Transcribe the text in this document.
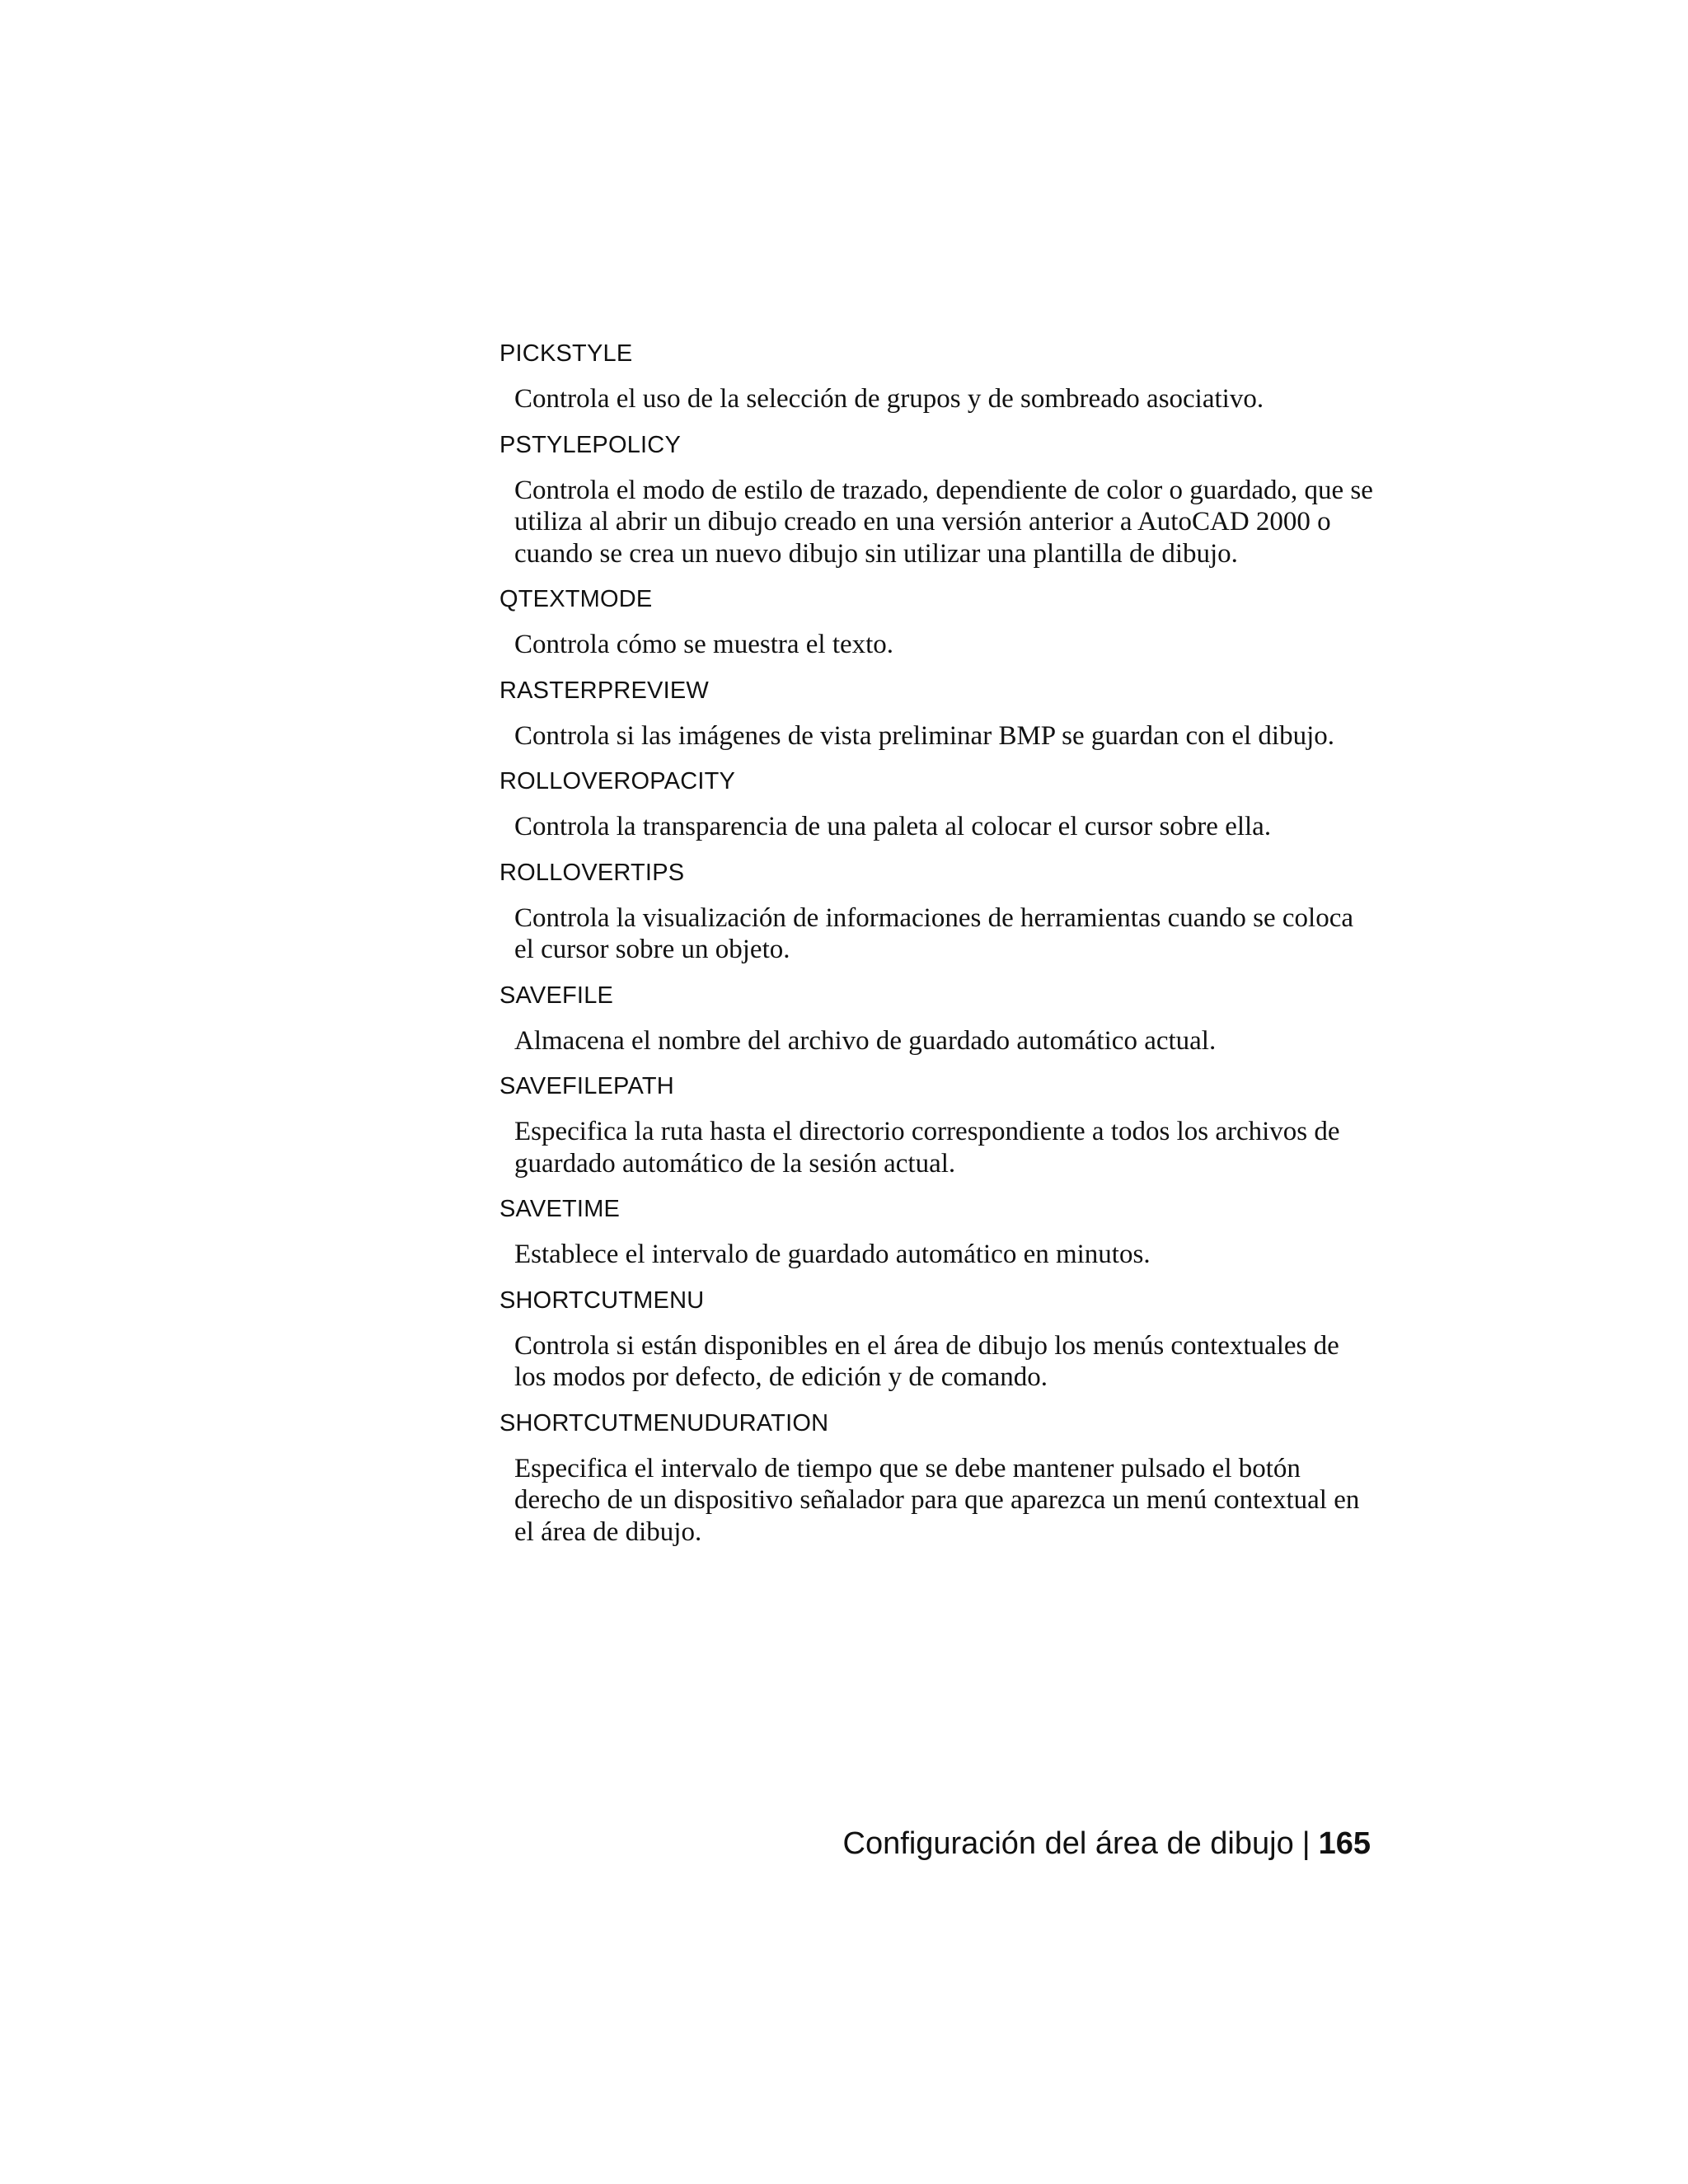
PICKSTYLE

Controla el uso de la selección de grupos y de sombreado asociativo.

PSTYLEPOLICY

Controla el modo de estilo de trazado, dependiente de color o guardado, que se utiliza al abrir un dibujo creado en una versión anterior a AutoCAD 2000 o cuando se crea un nuevo dibujo sin utilizar una plantilla de dibujo.

QTEXTMODE

Controla cómo se muestra el texto.

RASTERPREVIEW

Controla si las imágenes de vista preliminar BMP se guardan con el dibujo.

ROLLOVEROPACITY

Controla la transparencia de una paleta al colocar el cursor sobre ella.

ROLLOVERTIPS

Controla la visualización de informaciones de herramientas cuando se coloca el cursor sobre un objeto.

SAVEFILE

Almacena el nombre del archivo de guardado automático actual.

SAVEFILEPATH

Especifica la ruta hasta el directorio correspondiente a todos los archivos de guardado automático de la sesión actual.

SAVETIME

Establece el intervalo de guardado automático en minutos.

SHORTCUTMENU

Controla si están disponibles en el área de dibujo los menús contextuales de los modos por defecto, de edición y de comando.

SHORTCUTMENUDURATION

Especifica el intervalo de tiempo que se debe mantener pulsado el botón derecho de un dispositivo señalador para que aparezca un menú contextual en el área de dibujo.

Configuración del área de dibujo | 165
